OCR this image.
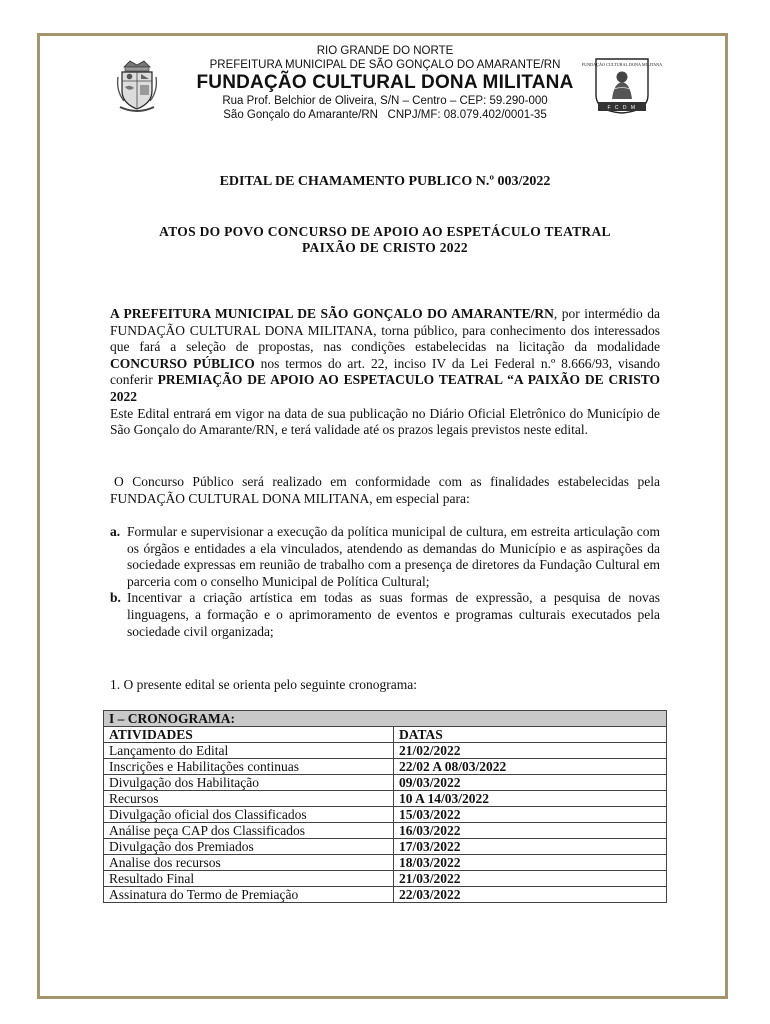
FUNDAÇÃO CULTURAL DONA MILITANA
F C D M
RIO GRANDE DO NORTE
PREFEITURA MUNICIPAL DE SÃO GONÇALO DO AMARANTE/RN
FUNDAÇÃO CULTURAL DONA MILITANA
Rua Prof. Belchior de Oliveira, S/N – Centro – CEP: 59.290-000
São Gonçalo do Amarante/RN   CNPJ/MF: 08.079.402/0001-35
EDITAL DE CHAMAMENTO PUBLICO N.º 003/2022
ATOS DO POVO CONCURSO DE APOIO AO ESPETÁCULO TEATRAL
PAIXÃO DE CRISTO 2022
A PREFEITURA MUNICIPAL DE SÃO GONÇALO DO AMARANTE/RN, por intermédio da FUNDAÇÃO CULTURAL DONA MILITANA, torna público, para conhecimento dos interessados que fará a seleção de propostas, nas condições estabelecidas na licitação da modalidade CONCURSO PÚBLICO nos termos do art. 22, inciso IV da Lei Federal n.º 8.666/93, visando conferir PREMIAÇÃO DE APOIO AO ESPETACULO TEATRAL “A PAIXÃO DE CRISTO 2022
Este Edital entrará em vigor na data de sua publicação no Diário Oficial Eletrônico do Município de São Gonçalo do Amarante/RN, e terá validade até os prazos legais previstos neste edital.
O Concurso Público será realizado em conformidade com as finalidades estabelecidas pela FUNDAÇÃO CULTURAL DONA MILITANA, em especial para:
a. Formular e supervisionar a execução da política municipal de cultura, em estreita articulação com os órgãos e entidades a ela vinculados, atendendo as demandas do Município e as aspirações da sociedade expressas em reunião de trabalho com a presença de diretores da Fundação Cultural em parceria com o conselho Municipal de Política Cultural;
b. Incentivar a criação artística em todas as suas formas de expressão, a pesquisa de novas linguagens, a formação e o aprimoramento de eventos e programas culturais executados pela sociedade civil organizada;
1. O presente edital se orienta pelo seguinte cronograma:
I – CRONOGRAMA:	
ATIVIDADES	DATAS
Lançamento do Edital	21/02/2022
Inscrições e Habilitações continuas	22/02 A 08/03/2022
Divulgação dos Habilitação	09/03/2022
Recursos	10 A 14/03/2022
Divulgação oficial dos Classificados	15/03/2022
Análise peça CAP dos Classificados	16/03/2022
Divulgação dos Premiados	17/03/2022
Analise dos recursos	18/03/2022
Resultado Final	21/03/2022
Assinatura do Termo de Premiação	22/03/2022
